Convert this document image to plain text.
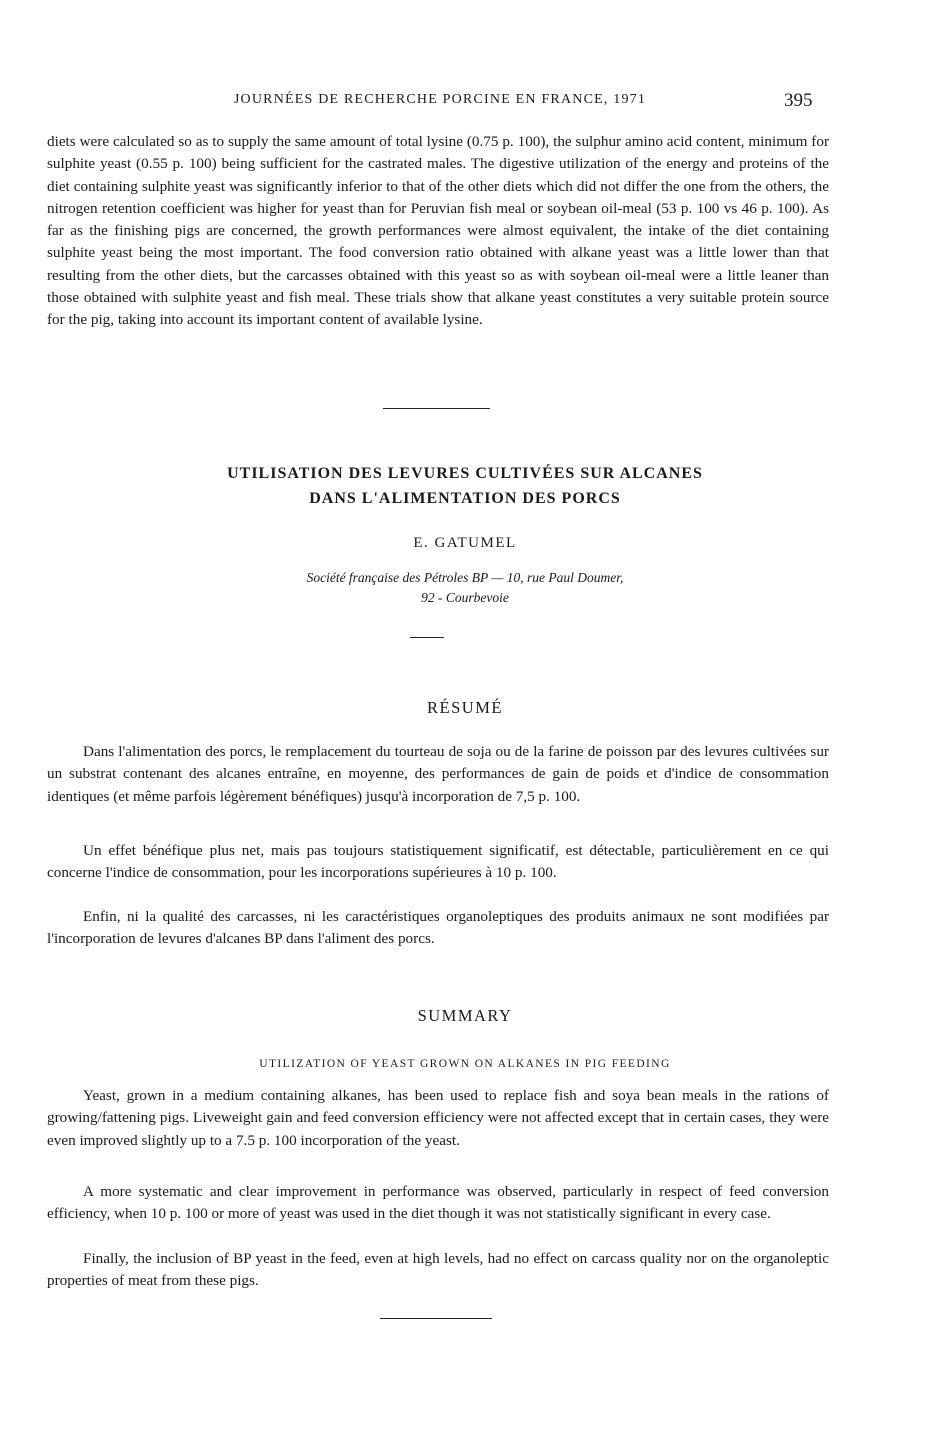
JOURNÉES DE RECHERCHE PORCINE EN FRANCE, 1971	395

diets were calculated so as to supply the same amount of total lysine (0.75 p. 100), the sulphur amino acid content, minimum for sulphite yeast (0.55 p. 100) being sufficient for the castrated males. The digestive utilization of the energy and proteins of the diet containing sulphite yeast was significantly inferior to that of the other diets which did not differ the one from the others, the nitrogen retention coefficient was higher for yeast than for Peruvian fish meal or soybean oil-meal (53 p. 100 vs 46 p. 100). As far as the finishing pigs are concerned, the growth performances were almost equivalent, the intake of the diet containing sulphite yeast being the most important. The food conversion ratio obtained with alkane yeast was a little lower than that resulting from the other diets, but the carcasses obtained with this yeast so as with soybean oil-meal were a little leaner than those obtained with sulphite yeast and fish meal. These trials show that alkane yeast constitutes a very suitable protein source for the pig, taking into account its important content of available lysine.

UTILISATION DES LEVURES CULTIVÉES SUR ALCANES
DANS L'ALIMENTATION DES PORCS
E. GATUMEL
Société française des Pétroles BP — 10, rue Paul Doumer,
92 - Courbevoie
RÉSUMÉ

Dans l'alimentation des porcs, le remplacement du tourteau de soja ou de la farine de poisson par des levures cultivées sur un substrat contenant des alcanes entraîne, en moyenne, des performances de gain de poids et d'indice de consommation identiques (et même parfois légèrement bénéfiques) jusqu'à incorporation de 7,5 p. 100.

Un effet bénéfique plus net, mais pas toujours statistiquement significatif, est détectable, particulièrement en ce qui concerne l'indice de consommation, pour les incorporations supérieures à 10 p. 100.

Enfin, ni la qualité des carcasses, ni les caractéristiques organoleptiques des produits animaux ne sont modifiées par l'incorporation de levures d'alcanes BP dans l'aliment des porcs.

SUMMARY
UTILIZATION OF YEAST GROWN ON ALKANES IN PIG FEEDING

Yeast, grown in a medium containing alkanes, has been used to replace fish and soya bean meals in the rations of growing/fattening pigs. Liveweight gain and feed conversion efficiency were not affected except that in certain cases, they were even improved slightly up to a 7.5 p. 100 incorporation of the yeast.

A more systematic and clear improvement in performance was observed, particularly in respect of feed conversion efficiency, when 10 p. 100 or more of yeast was used in the diet though it was not statistically significant in every case.

Finally, the inclusion of BP yeast in the feed, even at high levels, had no effect on carcass quality nor on the organoleptic properties of meat from these pigs.
